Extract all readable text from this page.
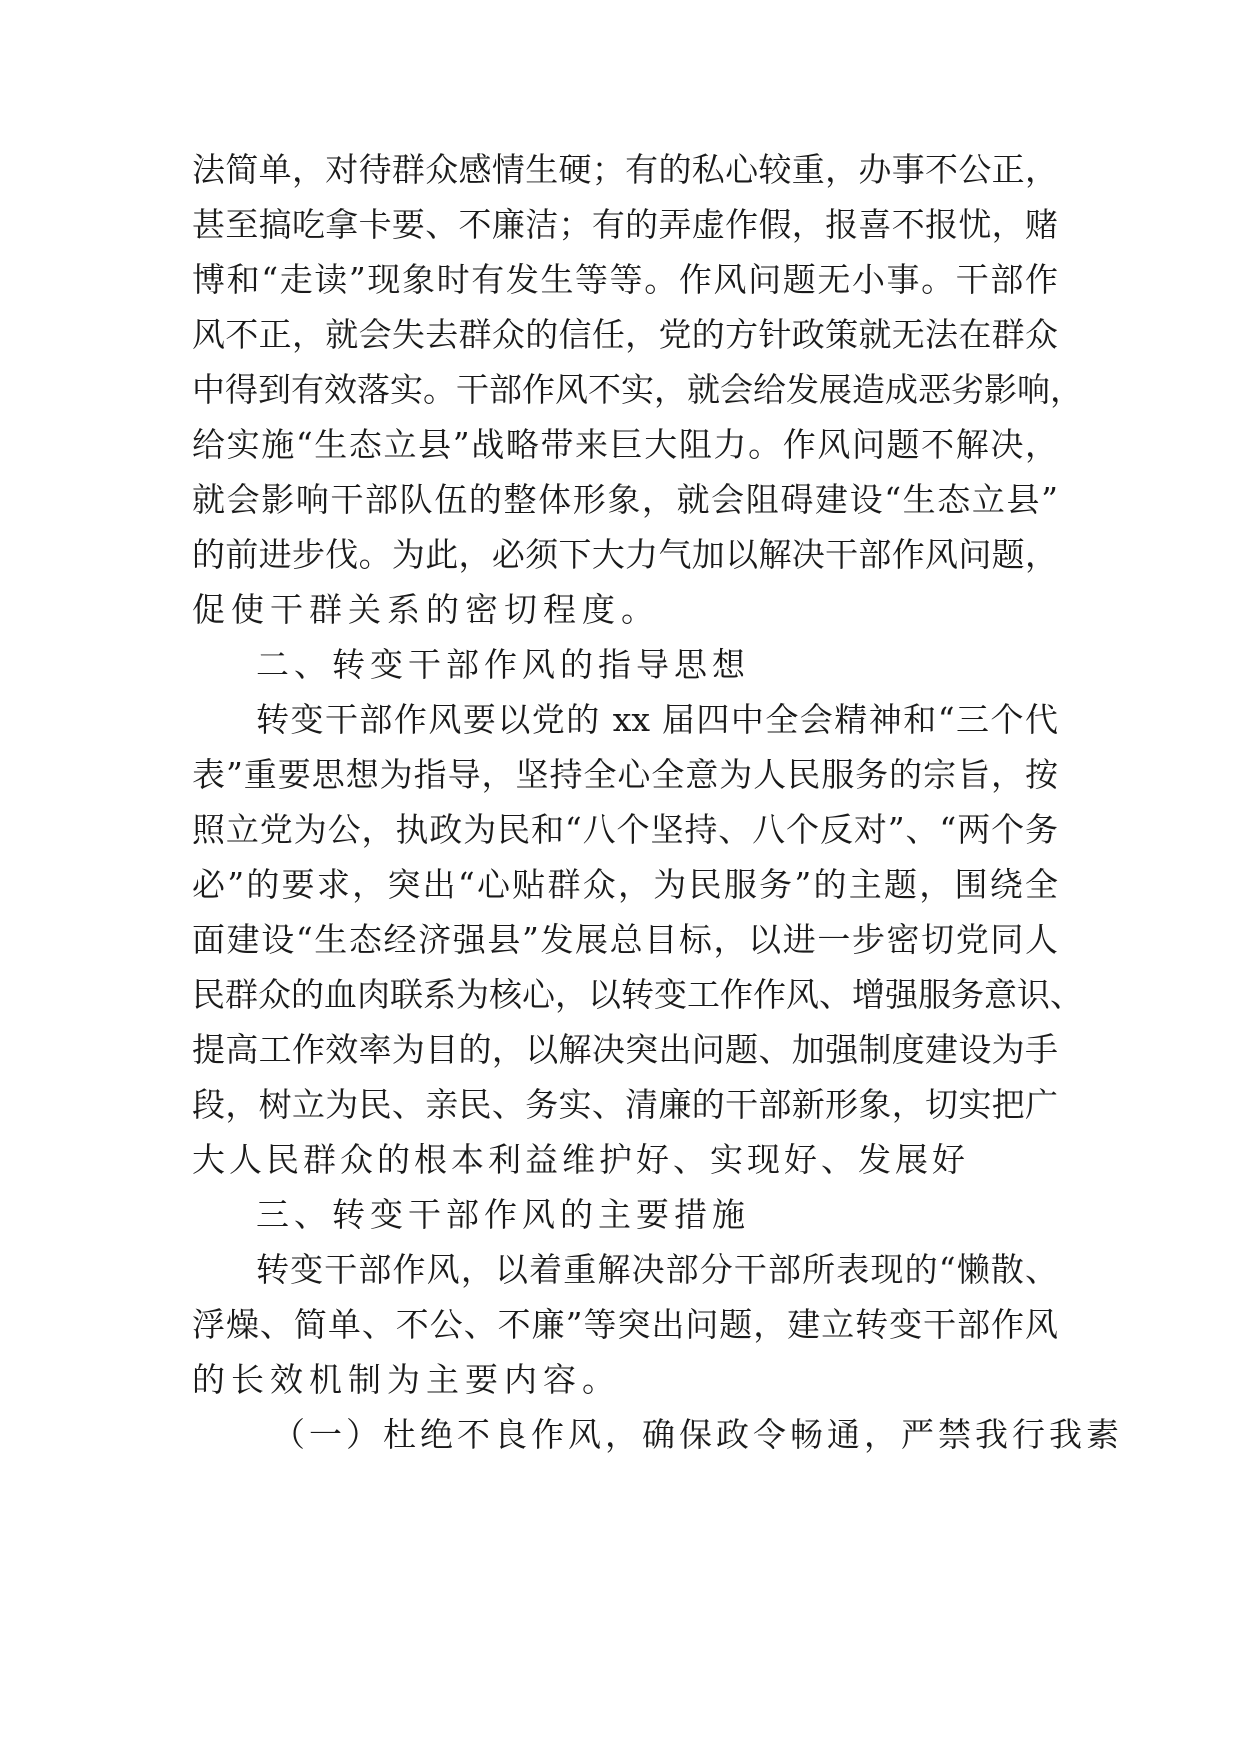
法简单，对待群众感情生硬；有的私心较重，办事不公正，
甚至搞吃拿卡要、不廉洁；有的弄虚作假，报喜不报忧，赌
博和“走读”现象时有发生等等。作风问题无小事。干部作
风不正，就会失去群众的信任，党的方针政策就无法在群众
中得到有效落实。干部作风不实，就会给发展造成恶劣影响，
给实施“生态立县”战略带来巨大阻力。作风问题不解决，
就会影响干部队伍的整体形象，就会阻碍建设“生态立县”
的前进步伐。为此，必须下大力气加以解决干部作风问题，
促使干群关系的密切程度。
二、转变干部作风的指导思想
转变干部作风要以党的 xx 届四中全会精神和“三个代
表”重要思想为指导，坚持全心全意为人民服务的宗旨，按
照立党为公，执政为民和“八个坚持、八个反对”、“两个务
必”的要求，突出“心贴群众，为民服务”的主题，围绕全
面建设“生态经济强县”发展总目标，以进一步密切党同人
民群众的血肉联系为核心，以转变工作作风、增强服务意识、
提高工作效率为目的，以解决突出问题、加强制度建设为手
段，树立为民、亲民、务实、清廉的干部新形象，切实把广
大人民群众的根本利益维护好、实现好、发展好
三、转变干部作风的主要措施
转变干部作风，以着重解决部分干部所表现的“懒散、
浮燥、简单、不公、不廉”等突出问题，建立转变干部作风
的长效机制为主要内容。
（一）杜绝不良作风，确保政令畅通，严禁我行我素
